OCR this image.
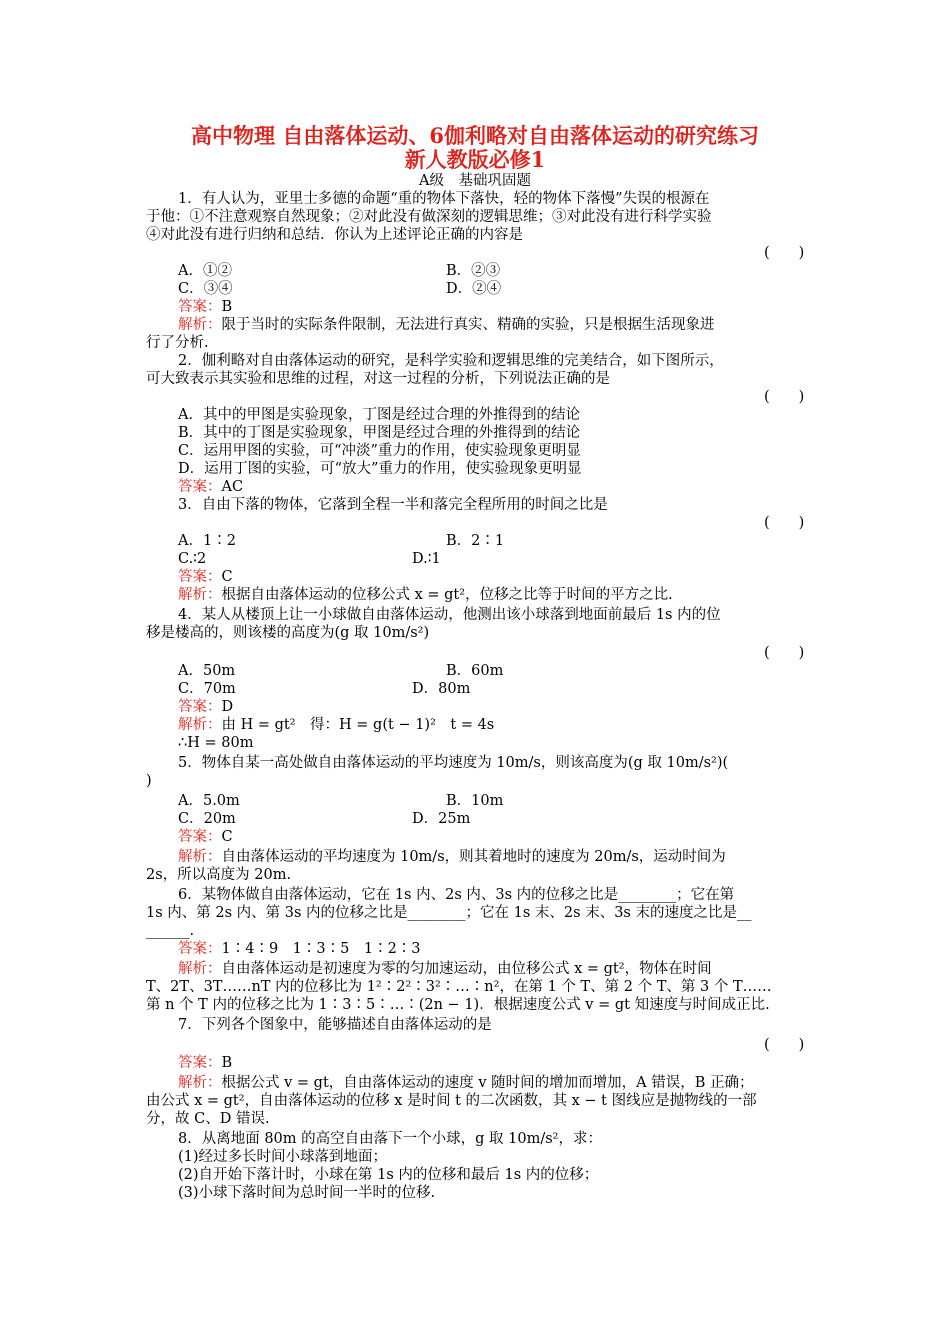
高中物理 自由落体运动、6伽利略对自由落体运动的研究练习
新人教版必修1
A级　基础巩固题
1．有人认为，亚里士多德的命题“重的物体下落快，轻的物体下落慢”失误的根源在
于他：①不注意观察自然现象；②对此没有做深刻的逻辑思维；③对此没有进行科学实验
④对此没有进行归纳和总结．你认为上述评论正确的内容是
(　　)
A．①②	B．②③
C．③④	D．②④
答案：B
解析：限于当时的实际条件限制，无法进行真实、精确的实验，只是根据生活现象进
行了分析.
2．伽利略对自由落体运动的研究，是科学实验和逻辑思维的完美结合，如下图所示，
可大致表示其实验和思维的过程，对这一过程的分析，下列说法正确的是
(　　)
A．其中的甲图是实验现象，丁图是经过合理的外推得到的结论
B．其中的丁图是实验现象，甲图是经过合理的外推得到的结论
C．运用甲图的实验，可“冲淡”重力的作用，使实验现象更明显
D．运用丁图的实验，可“放大”重力的作用，使实验现象更明显
答案：AC
3．自由下落的物体，它落到全程一半和落完全程所用的时间之比是
(　　)
A．1∶2	B．2∶1
C.∶2	D.∶1
答案：C
解析：根据自由落体运动的位移公式 x = gt²，位移之比等于时间的平方之比.
4．某人从楼顶上让一小球做自由落体运动，他测出该小球落到地面前最后 1s 内的位
移是楼高的，则该楼的高度为(g 取 10m/s²)
(　　)
A．50m	B．60m
C．70m	D．80m
答案：D
解析：由 H = gt²　得：H = g(t − 1)²　t = 4s
∴H = 80m
5．物体自某一高处做自由落体运动的平均速度为 10m/s，则该高度为(g 取 10m/s²)(
)
A．5.0m	B．10m
C．20m	D．25m
答案：C
解析：自由落体运动的平均速度为 10m/s，则其着地时的速度为 20m/s，运动时间为
2s，所以高度为 20m.
6．某物体做自由落体运动，它在 1s 内、2s 内、3s 内的位移之比是________；它在第
1s 内、第 2s 内、第 3s 内的位移之比是________；它在 1s 末、2s 末、3s 末的速度之比是__
______.
答案：1∶4∶9　1∶3∶5　1∶2∶3
解析：自由落体运动是初速度为零的匀加速运动，由位移公式 x = gt²，物体在时间
T、2T、3T……nT 内的位移比为 1²∶2²∶3²∶…∶n²，在第 1 个 T、第 2 个 T、第 3 个 T……
第 n 个 T 内的位移之比为 1∶3∶5∶…∶(2n − 1)．根据速度公式 v = gt 知速度与时间成正比.
7．下列各个图象中，能够描述自由落体运动的是
(　　)
答案：B
解析：根据公式 v = gt，自由落体运动的速度 v 随时间的增加而增加，A 错误，B 正确；
由公式 x = gt²，自由落体运动的位移 x 是时间 t 的二次函数，其 x − t 图线应是抛物线的一部
分，故 C、D 错误.
8．从离地面 80m 的高空自由落下一个小球，g 取 10m/s²，求：
(1)经过多长时间小球落到地面；
(2)自开始下落计时，小球在第 1s 内的位移和最后 1s 内的位移；
(3)小球下落时间为总时间一半时的位移.
